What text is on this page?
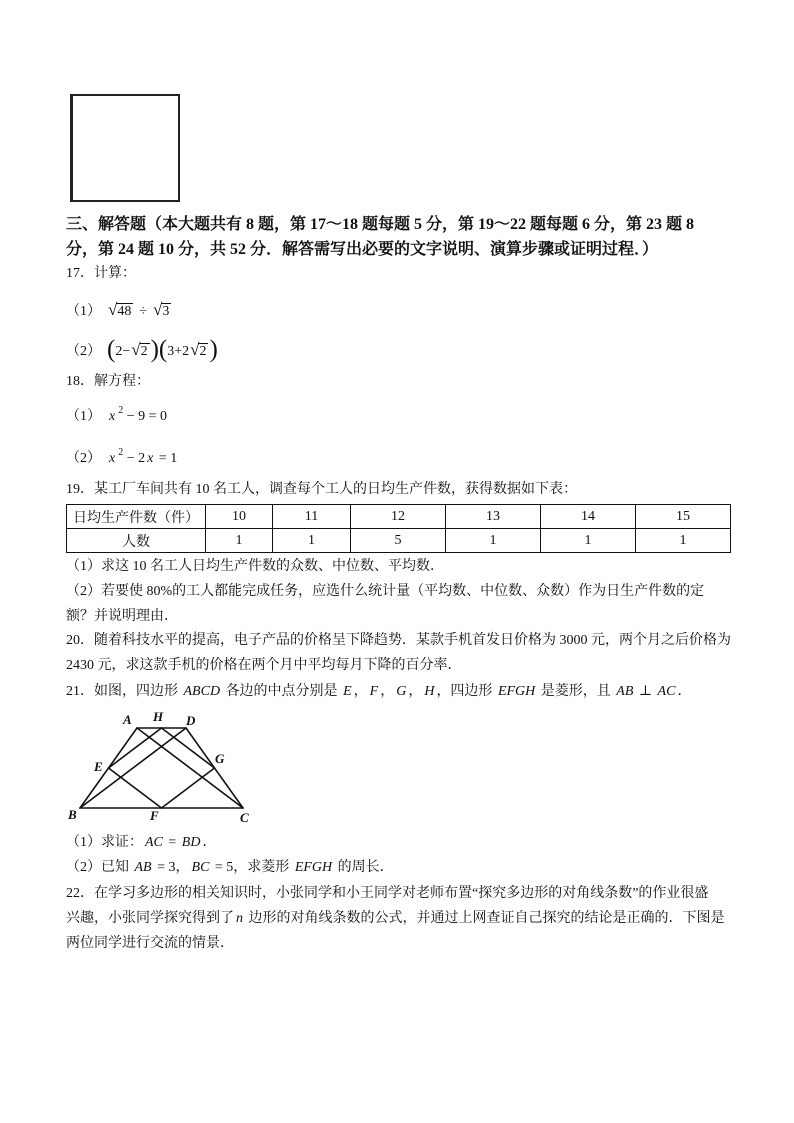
三、解答题（本大题共有 8 题，第 17～18 题每题 5 分，第 19～22 题每题 6 分，第 23 题 8
分，第 24 题 10 分，共 52 分．解答需写出必要的文字说明、演算步骤或证明过程．）
17．计算：
（1） √48 ÷ √3
（2） (2−√2 )(3+2√2 )
18．解方程：
（1） x $^2$ − 9 = 0
（2） x $^2$ − 2 x = 1
19．某工厂车间共有 10 名工人，调查每个工人的日均生产件数，获得数据如下表：
日均生产件数（件）	10	11	12	13	14	15
人数	1	1	5	1	1	1
（1）求这 10 名工人日均生产件数的众数、中位数、平均数．
（2）若要使 80%的工人都能完成任务，应选什么统计量（平均数、中位数、众数）作为日生产件数的定
额？并说明理由．
20．随着科技水平的提高，电子产品的价格呈下降趋势．某款手机首发日价格为 3000 元，两个月之后价格为
2430 元，求这款手机的价格在两个月中平均每月下降的百分率．
21．如图，四边形 ABCD 各边的中点分别是 E ， F ， G ， H ，四边形 EFGH 是菱形，且 AB ⊥ AC ．
A H D
E
G
B	F	C
（1）求证： AC = BD ．
（2）已知 AB = 3， BC = 5，求菱形 EFGH 的周长．
22．在学习多边形的相关知识时，小张同学和小王同学对老师布置“探究多边形的对角线条数”的作业很盛
兴趣，小张同学探究得到了 n 边形的对角线条数的公式，并通过上网查证自己探究的结论是正确的．下图是
两位同学进行交流的情景．
